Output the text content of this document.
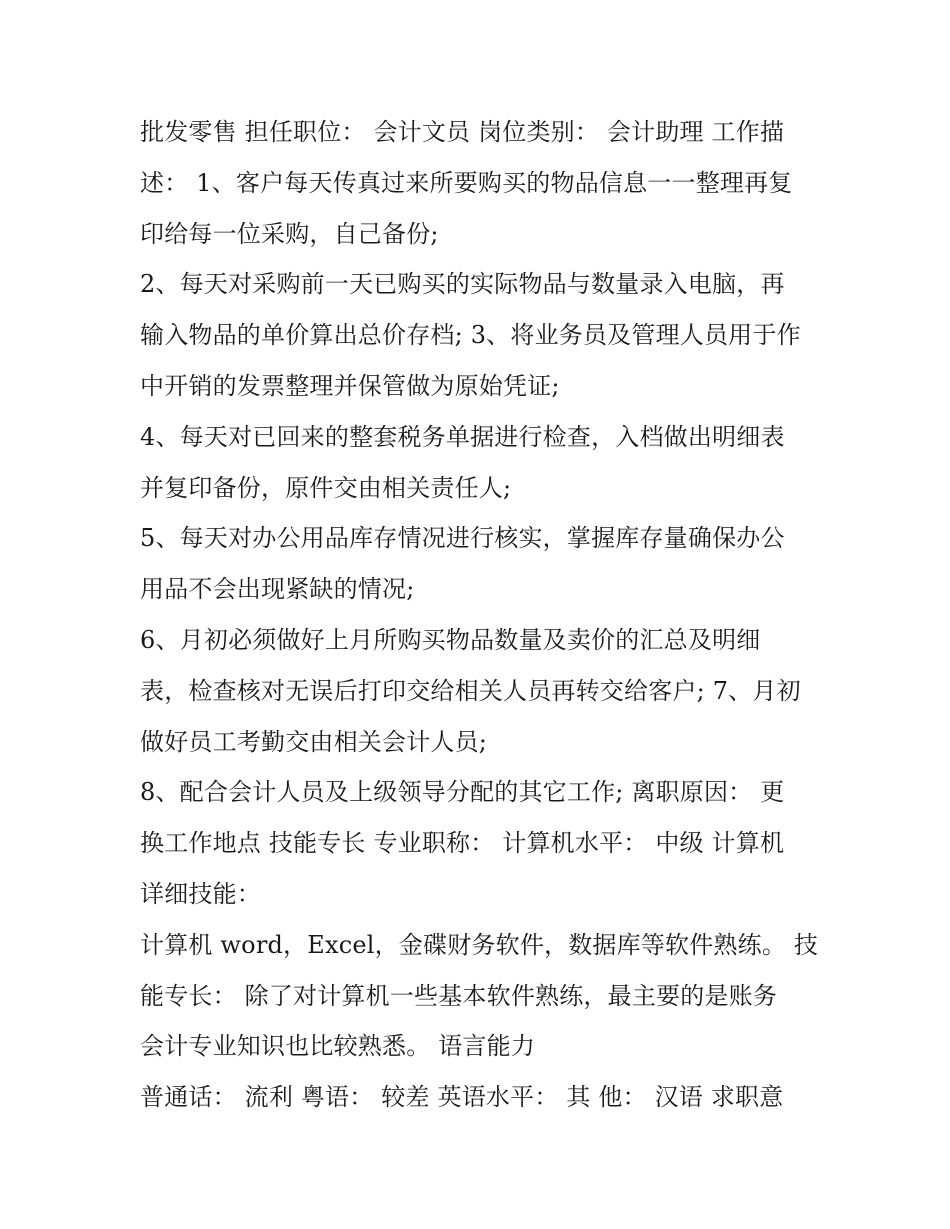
批发零售 担任职位： 会计文员 岗位类别： 会计助理 工作描
述： 1、客户每天传真过来所要购买的物品信息一一整理再复
印给每一位采购，自己备份;
2、每天对采购前一天已购买的实际物品与数量录入电脑，再
输入物品的单价算出总价存档; 3、将业务员及管理人员用于作
中开销的发票整理并保管做为原始凭证;
4、每天对已回来的整套税务单据进行检查，入档做出明细表
并复印备份，原件交由相关责任人;
5、每天对办公用品库存情况进行核实，掌握库存量确保办公
用品不会出现紧缺的情况;
6、月初必须做好上月所购买物品数量及卖价的汇总及明细
表，检查核对无误后打印交给相关人员再转交给客户; 7、月初
做好员工考勤交由相关会计人员;
8、配合会计人员及上级领导分配的其它工作; 离职原因： 更
换工作地点 技能专长 专业职称： 计算机水平： 中级 计算机
详细技能：
计算机 word，Excel，金碟财务软件，数据库等软件熟练。 技
能专长： 除了对计算机一些基本软件熟练，最主要的是账务
会计专业知识也比较熟悉。 语言能力
普通话： 流利 粤语： 较差 英语水平： 其 他： 汉语 求职意
